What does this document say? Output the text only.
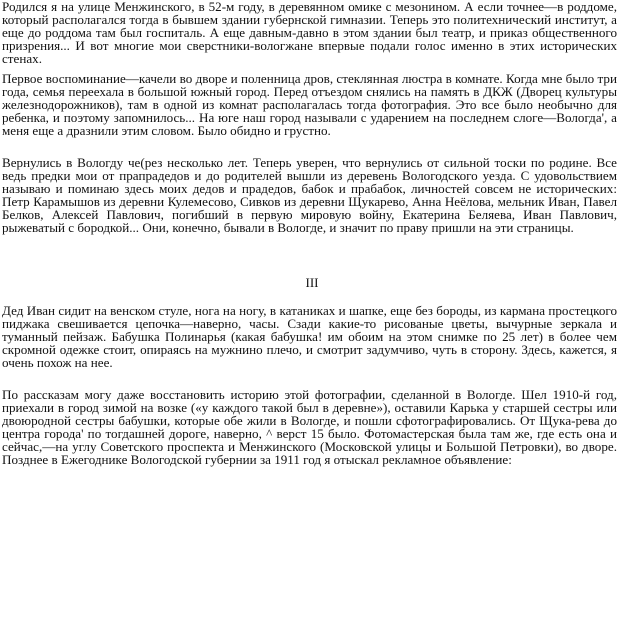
Родился я на улице Менжинского, в 52-м году, в деревянном омике с мезонином. А если точнее—в роддоме, который располагался тогда в бывшем здании губернской гимназии. Теперь это политехнический институт, а еще до роддома там был госпиталь. А еще давным-давно в этом здании был театр, и приказ общественного призрения... И вот многие мои сверстники-вологжане впервые подали голос именно в этих исторических стенах.
Первое воспоминание—качели во дворе и поленница дров, стеклянная люстра в комнате. Когда мне было три года, семья переехала в большой южный город. Перед отъездом снялись на память в ДКЖ (Дворец культуры железнодорожников), там в одной из комнат располагалась тогда фотография. Это все было необычно для ребенка, и поэтому запомнилось... На юге наш город называли с ударением на последнем слоге—Вологда', а меня еще а дразнили этим словом. Было обидно и грустно.
Вернулись в Вологду че(рез несколько лет. Теперь уверен, что вернулись от сильной тоски по родине. Все ведь предки мои от прапрадедов и до родителей вышли из деревень Вологодского уезда. С удовольствием называю и поминаю здесь моих дедов и прадедов, бабок и прабабок, личностей совсем не исторических: Петр Карамышов из деревни Кулемесово, Сивков из деревни Щукарево, Анна Неёлова, мельник Иван, Павел Белков, Алексей Павлович, погибший в первую мировую войну, Екатерина Беляева, Иван Павлович, рыжеватый с бородкой... Они, конечно, бывали в Вологде, и значит по праву пришли на эти страницы.
III
Дед Иван сидит на венском стуле, нога на ногу, в катаниках и шапке, еще без бороды, из кармана простецкого пиджака свешивается цепочка—наверно, часы. Сзади какие-то рисованые цветы, вычурные зеркала и туманный пейзаж. Бабушка Полинарья (какая бабушка! им обоим на этом снимке по 25 лет) в более чем скромной одежке стоит, опираясь на мужнино плечо, и смотрит задумчиво, чуть в сторону. Здесь, кажется, я очень похож на нее.
По рассказам могу даже восстановить историю этой фотографии, сделанной в Вологде. Шел 1910-й год, приехали в город зимой на возке («у каждого такой был в деревне»), оставили Карька у старшей сестры или двоюродной сестры бабушки, которые обе жили в Вологде, и пошли сфотографировались. От Щука-рева до центра города' по тогдашней дороге, наверно, ^ верст 15 было. Фотомастерская была там же, где есть она и сейчас,—на углу Советского проспекта и Менжинского (Московской улицы и Большой Петровки), во дворе. Позднее в Ежегоднике Вологодской губернии за 1911 год я отыскал рекламное объявление:
